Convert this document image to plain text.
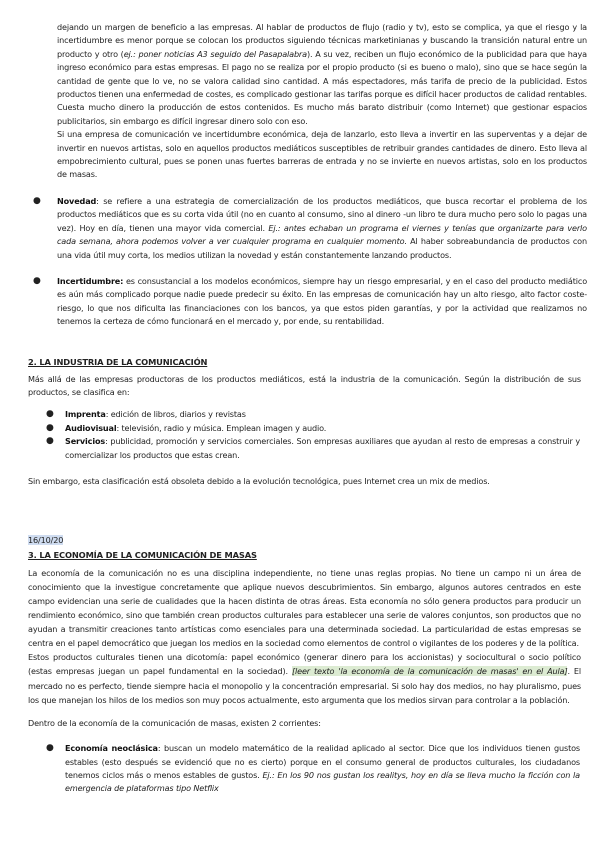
dejando un margen de beneficio a las empresas. Al hablar de productos de flujo (radio y tv), esto se complica, ya que el riesgo y la incertidumbre es menor porque se colocan los productos siguiendo técnicas marketinianas y buscando la transición natural entre un producto y otro (ej.: poner noticias A3 seguido del Pasapalabra). A su vez, reciben un flujo económico de la publicidad para que haya ingreso económico para estas empresas. El pago no se realiza por el propio producto (si es bueno o malo), sino que se hace según la cantidad de gente que lo ve, no se valora calidad sino cantidad. A más espectadores, más tarifa de precio de la publicidad. Estos productos tienen una enfermedad de costes, es complicado gestionar las tarifas porque es difícil hacer productos de calidad rentables. Cuesta mucho dinero la producción de estos contenidos. Es mucho más barato distribuir (como Internet) que gestionar espacios publicitarios, sin embargo es difícil ingresar dinero solo con eso.
Si una empresa de comunicación ve incertidumbre económica, deja de lanzarlo, esto lleva a invertir en las superventas y a dejar de invertir en nuevos artistas, solo en aquellos productos mediáticos susceptibles de retribuir grandes cantidades de dinero. Esto lleva al empobrecimiento cultural, pues se ponen unas fuertes barreras de entrada y no se invierte en nuevos artistas, solo en los productos de masas.
● Novedad: se refiere a una estrategia de comercialización de los productos mediáticos, que busca recortar el problema de los productos mediáticos que es su corta vida útil (no en cuanto al consumo, sino al dinero -un libro te dura mucho pero solo lo pagas una vez). Hoy en día, tienen una mayor vida comercial. Ej.: antes echaban un programa el viernes y tenías que organizarte para verlo cada semana, ahora podemos volver a ver cualquier programa en cualquier momento. Al haber sobreabundancia de productos con una vida útil muy corta, los medios utilizan la novedad y están constantemente lanzando productos.
● Incertidumbre: es consustancial a los modelos económicos, siempre hay un riesgo empresarial, y en el caso del producto mediático es aún más complicado porque nadie puede predecir su éxito. En las empresas de comunicación hay un alto riesgo, alto factor coste-riesgo, lo que nos dificulta las financiaciones con los bancos, ya que estos piden garantías, y por la actividad que realizamos no tenemos la certeza de cómo funcionará en el mercado y, por ende, su rentabilidad.
2. LA INDUSTRIA DE LA COMUNICACIÓN
Más allá de las empresas productoras de los productos mediáticos, está la industria de la comunicación. Según la distribución de sus productos, se clasifica en:
● Imprenta: edición de libros, diarios y revistas
● Audiovisual: televisión, radio y música. Emplean imagen y audio.
● Servicios: publicidad, promoción y servicios comerciales. Son empresas auxiliares que ayudan al resto de empresas a construir y comercializar los productos que estas crean.
Sin embargo, esta clasificación está obsoleta debido a la evolución tecnológica, pues Internet crea un mix de medios.
16/10/20
3. LA ECONOMÍA DE LA COMUNICACIÓN DE MASAS
La economía de la comunicación no es una disciplina independiente, no tiene unas reglas propias. No tiene un campo ni un área de conocimiento que la investigue concretamente que aplique nuevos descubrimientos. Sin embargo, algunos autores centrados en este campo evidencian una serie de cualidades que la hacen distinta de otras áreas. Esta economía no sólo genera productos para producir un rendimiento económico, sino que también crean productos culturales para establecer una serie de valores conjuntos, son productos que no ayudan a transmitir creaciones tanto artísticas como esenciales para una determinada sociedad. La particularidad de estas empresas se centra en el papel democrático que juegan los medios en la sociedad como elementos de control o vigilantes de los poderes y de la política.
Estos productos culturales tienen una dicotomía: papel económico (generar dinero para los accionistas) y sociocultural o socio político (estas empresas juegan un papel fundamental en la sociedad). [leer texto 'la economía de la comunicación de masas' en el Aula]. El mercado no es perfecto, tiende siempre hacia el monopolio y la concentración empresarial. Si solo hay dos medios, no hay pluralismo, pues los que manejan los hilos de los medios son muy pocos actualmente, esto argumenta que los medios sirvan para controlar a la población.
Dentro de la economía de la comunicación de masas, existen 2 corrientes:
● Economía neoclásica: buscan un modelo matemático de la realidad aplicado al sector. Dice que los individuos tienen gustos estables (esto después se evidenció que no es cierto) porque en el consumo general de productos culturales, los ciudadanos tenemos ciclos más o menos estables de gustos. Ej.: En los 90 nos gustan los realitys, hoy en día se lleva mucho la ficción con la emergencia de plataformas tipo Netflix
